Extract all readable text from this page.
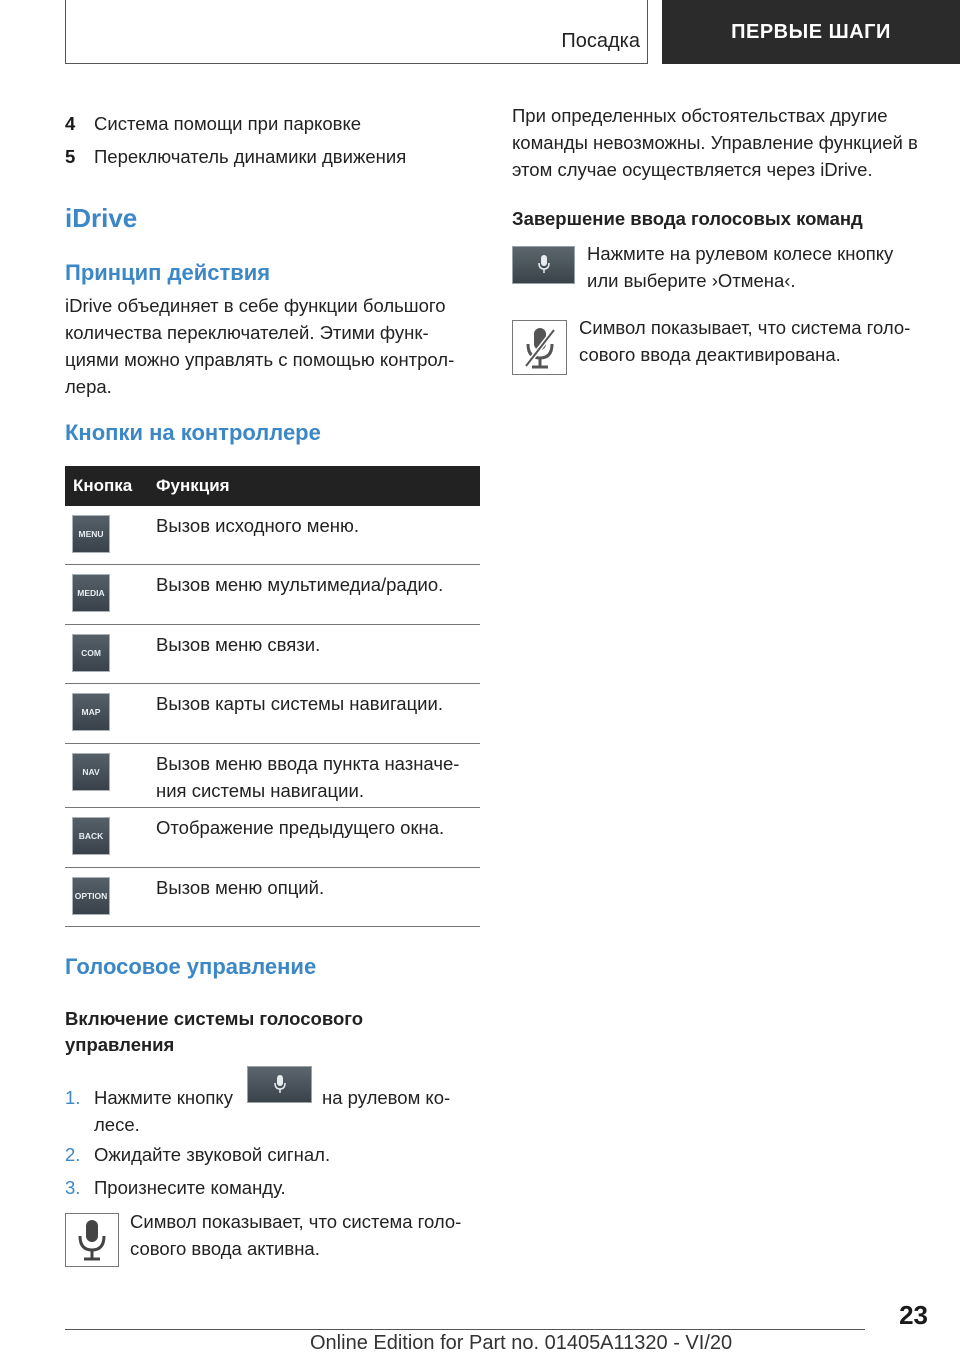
Посадка	ПЕРВЫЕ ШАГИ
4 Система помощи при парковке
5 Переключатель динамики движения
iDrive
Принцип действия
iDrive объединяет в себе функции большого
количества переключателей. Этими функ-
циями можно управлять с помощью контрол-
лера.
Кнопки на контроллере
Кнопка Функция
MENU	Вызов исходного меню.
MEDIA	Вызов меню мультимедиа/радио.
COM	Вызов меню связи.
MAP	Вызов карты системы навигации.
NAV	Вызов меню ввода пункта назначе-
ния системы навигации.
BACK	Отображение предыдущего окна.
OPTION	Вызов меню опций.
Голосовое управление
Включение системы голосового
управления
1. Нажмите кнопку	на рулевом ко-
лесе.
2. Ожидайте звуковой сигнал.
3. Произнесите команду.
Символ показывает, что система голо-
сового ввода активна.
При определенных обстоятельствах другие
команды невозможны. Управление функцией в
этом случае осуществляется через iDrive.
Завершение ввода голосовых команд
Нажмите на рулевом колесе кнопку
или выберите ›Отмена‹.
Символ показывает, что система голо-
сового ввода деактивирована.
23
Online Edition for Part no. 01405A11320 - VI/20
